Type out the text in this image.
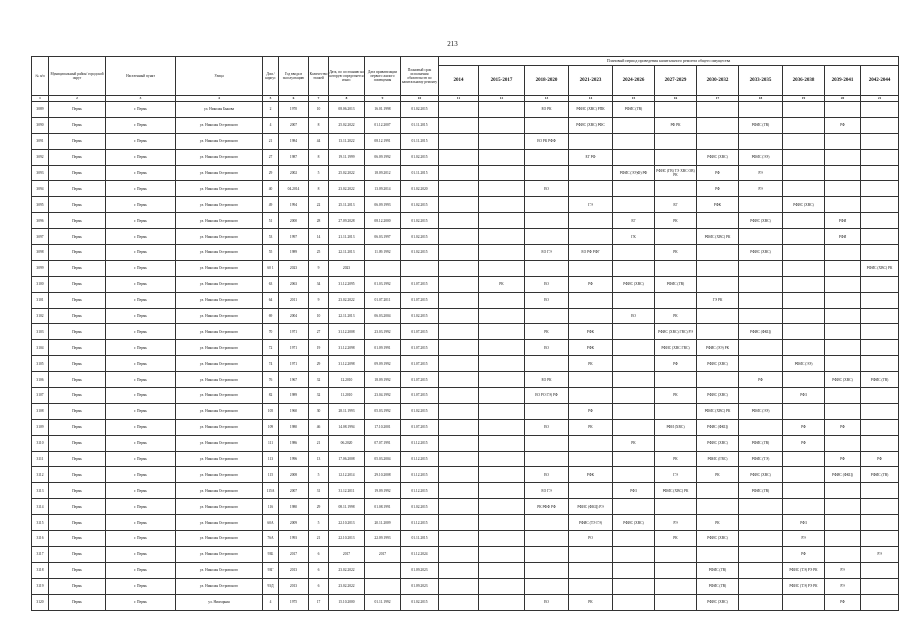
213
№ п/п	Муниципальный район/ городской округ	Населенный пункт	Улица	Дом / корпус	Год ввода в эксплуатацию	Количество этажей	Дата, по состоянию на которую определяется износ	Дата приватизации первого жилого помещения	Плановый срок исполнения обязательств по капитальному ремонту	Плановый период проведения капитального ремонта общего имущества										
										2014	2015-2017	2018-2020	2021-2023	2024-2026	2027-2029	2030-2032	2033-2035	2036-2038	2039-2041	2042-2044
1	2	3	4	5	6	7	8	9	10	11	12	13	14	15	16	17	18	19	20	21
3089	Пермь	г. Пермь	ул. Николая Быкова	2	1970	10	08.06.2013	16.01.1998	01.02.2015			ЕО РК	РФИС (ХВС) РПК	РФИС (ГВ)						
3090	Пермь	г. Пермь	ул. Николая Островского	4	2007	8	25.02.2022	01.12.2007	01.11.2015				РФИС (ХВС) РФС		РФ РК		РФИС (ГВ)		РФ	
3091	Пермь	г. Пермь	ул. Николая Островского	21	1984	44	13.11.2022	08.12.1991	01.11.2015			ЕО РК РФФ								
3092	Пермь	г. Пермь	ул. Николая Островского	27	1987	8	19.11.1999	06.09.1992	01.02.2015				ЕГ РФ			РФИС (ХВС)	РФИС (ЭЭ)			
3093	Пермь	г. Пермь	ул. Николая Островского	29	2002	5	25.02.2022	18.09.2012	01.11.2015					РФИС (ЭЭ)Ф) РФ	РФИС (ГВ) ТЭ ХВС ОВ) РК	РФ	РЭ			
3094	Пермь	г. Пермь	ул. Николая Островского	40	04.2014	8	23.02.2022	13.09.2014	01.02.2020			ЕО				РФ	РЭ			
3095	Пермь	г. Пермь	ул. Николая Островского	49	1994	22	25.11.2013	06.09.1993	01.02.2015				ГЭ		ЕГ	РФК		РФИС (ХВС)		
3096	Пермь	г. Пермь	ул. Николая Островского	51	2000	28	27.09.2028	08.12.2000	01.02.2015					ЕГ	РК		РФИС (ХВС)		РФИ	
3097	Пермь	г. Пермь	ул. Николая Островского	53	1997	14	21.11.2013	06.03.1997	01.02.2015					ГК		РФИС (ХВС) РК			РФИ	
3098	Пермь	г. Пермь	ул. Николая Островского	55	1989	25	22.11.2013	11.09.1992	01.02.2015			ЕО ГЭ	ЕО РФ РФГ		РК		РФИС (ХВС)			
3099	Пермь	г. Пермь	ул. Николая Островского	60 1	2023	9	2023													РФИС (ХВС) РК
3100	Пермь	г. Пермь	ул. Николая Островского	63	2063	34	31.12.2095	01.03.1992	01.07.2015		РК	ЕО	РФ	РФИС (ХВС)	РФИС (ГВ)					
3101	Пермь	г. Пермь	ул. Николая Островского	64	2011	9	23.02.2022	01.07.2011	01.07.2015			ЕО				ГЭ РК				
3102	Пермь	г. Пермь	ул. Николая Островского	69	2004	10	22.11.2013	06.03.2004	01.02.2015					ЕО	РК					
3103	Пермь	г. Пермь	ул. Николая Островского	70	1971	27	31.12.2008	23.03.1992	01.07.2015			РК	РФК		РФИС (ХВС) ГВС) РЭ		РФИС (ФКЦ)			
3104	Пермь	г. Пермь	ул. Николая Островского	72	1971	19	31.12.2098	01.09.1991	01.07.2015			ЕО	РФК		РФИС (ХВС ГВС)	РФИС (ЭЭ) РК				
3105	Пермь	г. Пермь	ул. Николая Островского	74	1971	29	31.12.2098	09.09.1992	01.07.2015				РК		РФ	РФИС (ХВС)		РФИС (ЭЭ)		
3106	Пермь	г. Пермь	ул. Николая Островского	76	1967	32	12.2010	18.09.1992	01.07.2015			ЕО РК					РФ		РФИС (ХВС)	РФИС (ГВ)
3107	Пермь	г. Пермь	ул. Николая Островского	82	1989	32	11.2010	23.04.1992	01.07.2015			ЕО РО ГЭ) РФ			РК	РФИС (ХВС)		РФЗ		
3108	Пермь	г. Пермь	ул. Николая Островского	105	1960	30	28.11.1993	05.03.1992	01.02.2015				РФ			РФИС (ХВС) РК	РФИС (ЭЭ)			
3109	Пермь	г. Пермь	ул. Николая Островского	109	1980	46	14.08.1994	17.10.2001	01.07.2015			ЕО	РК		РФИ (ХВС)	РФИС (ФКЦ)		РФ	РФ	
3110	Пермь	г. Пермь	ул. Николая Островского	111	1986	21	06.2020	07.07.1991	01.12.2015					РК		РФИС (ХВС)	РФИС (ГВ)	РФ		
3111	Пермь	г. Пермь	ул. Николая Островского	113	1996	13	17.06.2008	05.03.2004	01.12.2015						РК	РФИС (ГВС)	РФИС (ТЭ)		РФ	РФ
3112	Пермь	г. Пермь	ул. Николая Островского	115	2008	5	12.12.2014	29.10.2008	01.12.2015			ЕО	РФК		ГЭ	РК	РФИС (ХВС)		РФИС (ФКЦ)	РФИС (ГВ)
3113	Пермь	г. Пермь	ул. Николая Островского	115А	2007	31	31.12.2011	19.09.1992	01.12.2015			ЕО ГЭ		РФЗ	РФИС (ХВС) РК		РФИС (ГВ)			
3114	Пермь	г. Пермь	ул. Николая Островского	116	1980	29	08.11.1998	01.08.1991	01.02.2015			РК РФФ РФ	РФИС (ФКЦ) РЭ							
3115	Пермь	г. Пермь	ул. Николая Островского	60А	2009	5	22.10.2013	20.11.2009	01.12.2015				РФИС (ТЭ ГЭ)	РФИС (ХВС)	РЭ	РК		РФЗ		
3116	Пермь	г. Пермь	ул. Николая Островского	76А	1993	21	22.10.2013	22.09.1993	01.11.2015				РО		РК	РФИС (ХВС)		РЭ		
3117	Пермь	г. Пермь	ул. Николая Островского	93Б	2017	6	2017	2017	01.12.2024									РФ		РЭ
3118	Пермь	г. Пермь	ул. Николая Островского	93Г	2013	6	23.02.2022		01.09.2023							РФИС (ГВ)		РФИС (ТЭ) РЭ РК	РЭ	
3119	Пермь	г. Пермь	ул. Николая Островского	93Д	2013	6	23.02.2022		01.09.2023							РФИС (ГВ)		РФИС (ТЭ) РЭ РК	РЭ	
3120	Пермь	г. Пермь	ул. Ниагарная	4	1975	17	15.10.2000	01.11.1992	01.02.2015			ЕО	РК			РФИС (ХВС)			РФ	
